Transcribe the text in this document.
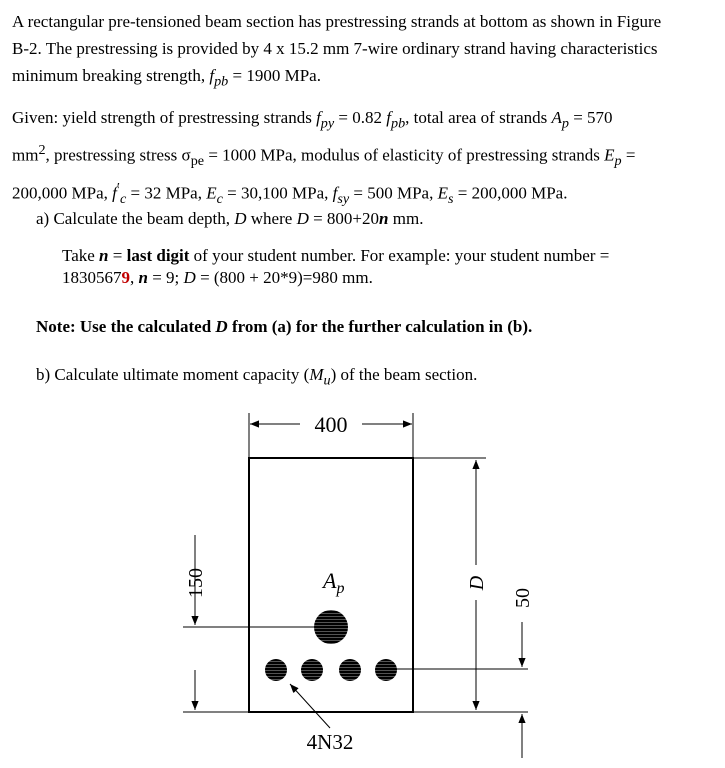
A rectangular pre-tensioned beam section has prestressing strands at bottom as shown in Figure

B-2. The prestressing is provided by 4 x 15.2 mm 7-wire ordinary strand having characteristics

minimum breaking strength, $f_{pb} = 1900$ MPa.

Given: yield strength of prestressing strands $f_{py} = 0.82$ $f_{pb}$, total area of strands $A_p = 570$

$mm^2$, prestressing stress $\sigma_{pe} = 1000$ MPa, modulus of elasticity of prestressing strands $E_p$ =

200,000 MPa, $f'_c = 32$ MPa, $E_c = 30,100$ MPa, $f_{sy} = 500$ MPa, $E_s = 200,000$ MPa.

a) Calculate the beam depth, D where D = 800+20n mm.
Take n = last digit of your student number. For example: your student number =
18305679, n = 9; D = (800 + 20*9)=980 mm.
Note: Use the calculated D from (a) for the further calculation in (b).
b) Calculate ultimate moment capacity $(M_u)$ of the beam section.
400
D
50
150	$A_p$
4N32
